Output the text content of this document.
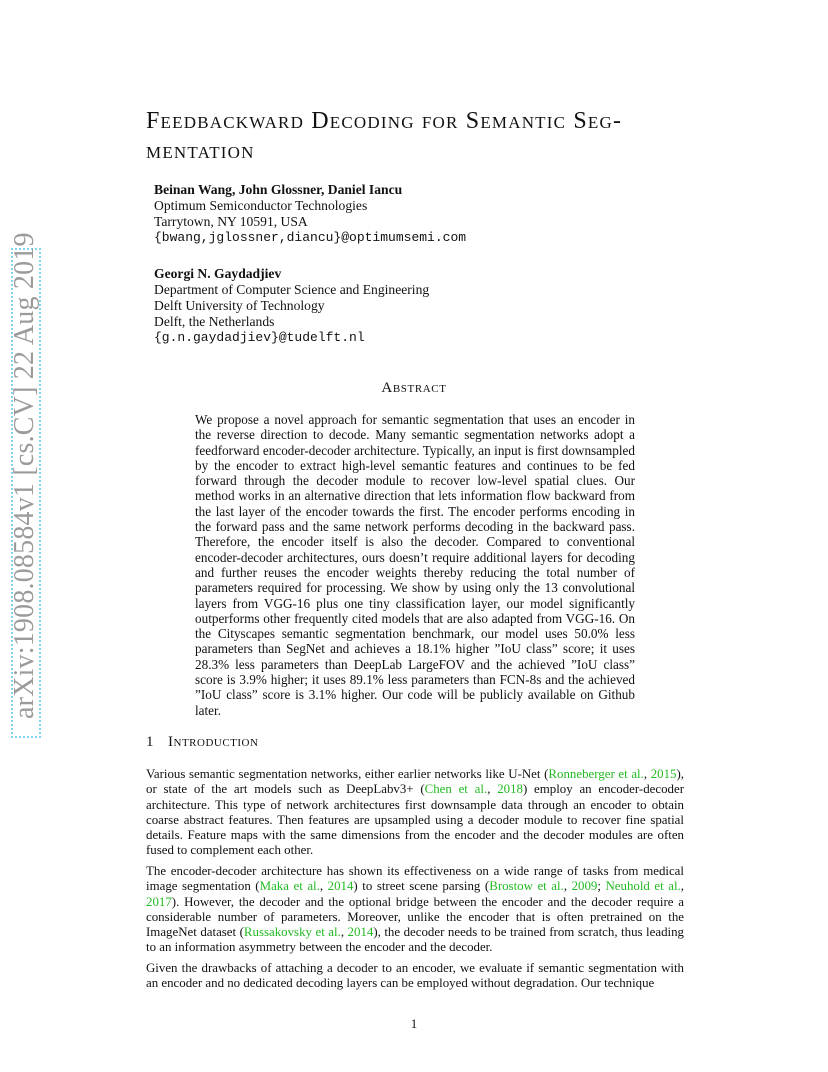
arXiv:1908.08584v1 [cs.CV] 22 Aug 2019
Feedbackward Decoding for Semantic Seg- mentation
Beinan Wang, John Glossner, Daniel Iancu
Optimum Semiconductor Technologies
Tarrytown, NY 10591, USA
{bwang,jglossner,diancu}@optimumsemi.com
Georgi N. Gaydadjiev
Department of Computer Science and Engineering
Delft University of Technology
Delft, the Netherlands
{g.n.gaydadjiev}@tudelft.nl
Abstract
We propose a novel approach for semantic segmentation that uses an encoder in the reverse direction to decode. Many semantic segmentation networks adopt a feedforward encoder-decoder architecture. Typically, an input is first downsampled by the encoder to extract high-level semantic features and continues to be fed forward through the decoder module to recover low-level spatial clues. Our method works in an alternative direction that lets information flow backward from the last layer of the encoder towards the first. The encoder performs encoding in the forward pass and the same network performs decoding in the backward pass. Therefore, the encoder itself is also the decoder. Compared to conventional encoder-decoder architectures, ours doesn’t require additional layers for decoding and further reuses the encoder weights thereby reducing the total number of parameters required for processing. We show by using only the 13 convolutional layers from VGG-16 plus one tiny classification layer, our model significantly outperforms other frequently cited models that are also adapted from VGG-16. On the Cityscapes semantic segmentation benchmark, our model uses 50.0% less parameters than SegNet and achieves a 18.1% higher ”IoU class” score; it uses 28.3% less parameters than DeepLab LargeFOV and the achieved ”IoU class” score is 3.9% higher; it uses 89.1% less parameters than FCN-8s and the achieved ”IoU class” score is 3.1% higher. Our code will be publicly available on Github later.
1 Introduction
Various semantic segmentation networks, either earlier networks like U-Net (Ronneberger et al., 2015), or state of the art models such as DeepLabv3+ (Chen et al., 2018) employ an encoder-decoder architecture. This type of network architectures first downsample data through an encoder to obtain coarse abstract features. Then features are upsampled using a decoder module to recover fine spatial details. Feature maps with the same dimensions from the encoder and the decoder modules are often fused to complement each other.
The encoder-decoder architecture has shown its effectiveness on a wide range of tasks from medical image segmentation (Maka et al., 2014) to street scene parsing (Brostow et al., 2009; Neuhold et al., 2017). However, the decoder and the optional bridge between the encoder and the decoder require a considerable number of parameters. Moreover, unlike the encoder that is often pretrained on the ImageNet dataset (Russakovsky et al., 2014), the decoder needs to be trained from scratch, thus leading to an information asymmetry between the encoder and the decoder.
Given the drawbacks of attaching a decoder to an encoder, we evaluate if semantic segmentation with an encoder and no dedicated decoding layers can be employed without degradation. Our technique
1
